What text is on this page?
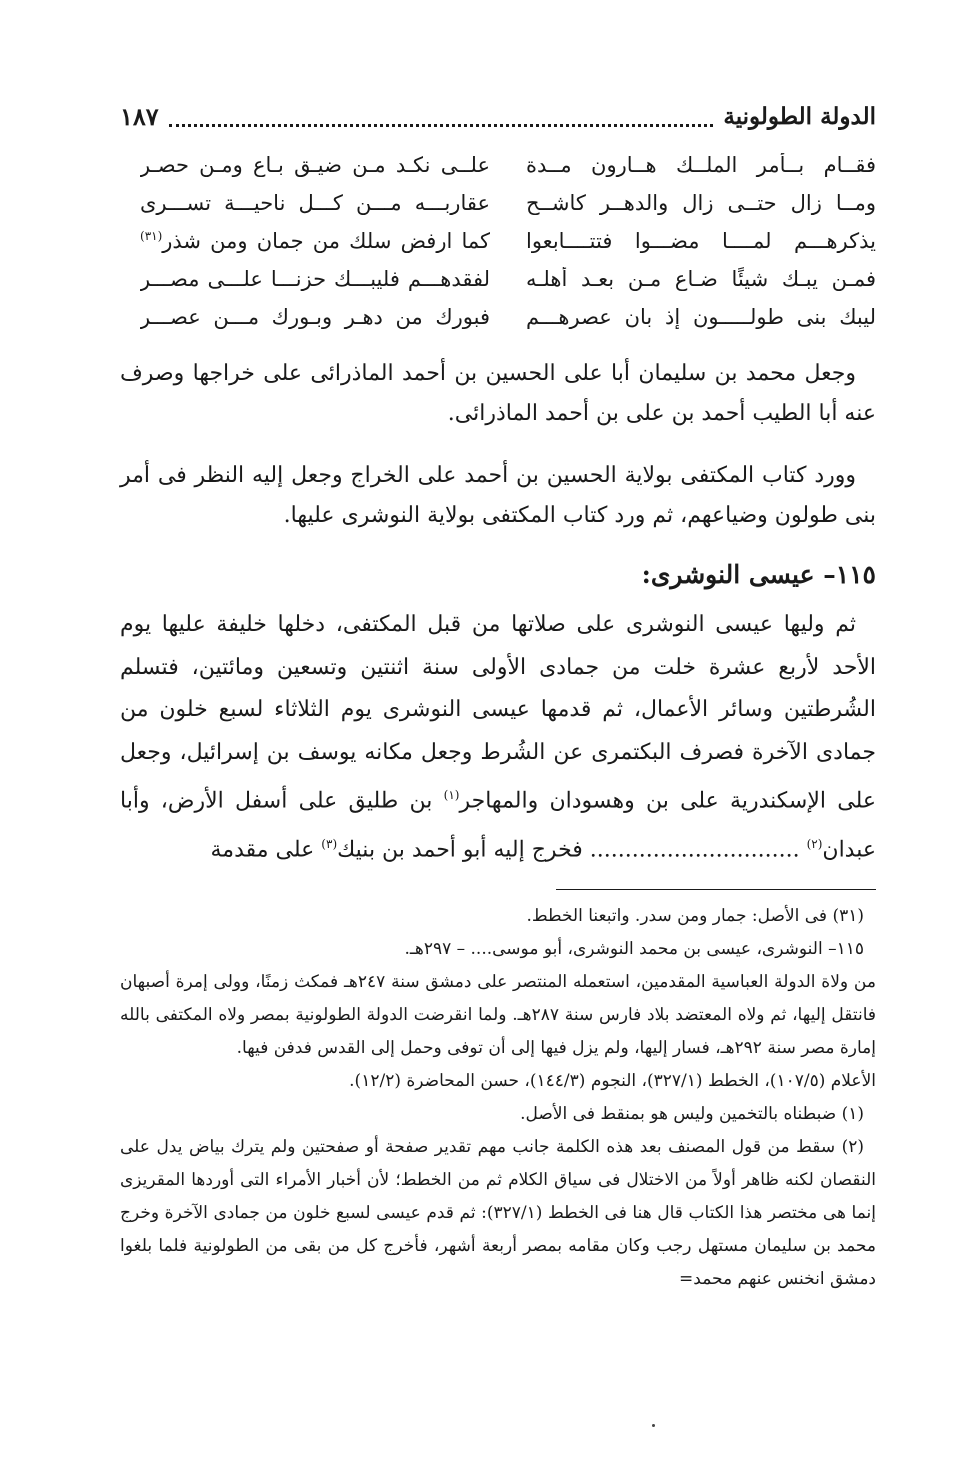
الدولة الطولونية
١٨٧
فقــام بــأمر الملــك هــارون مــدة
علــى نكـد مـن ضيـق بـاع ومـن حصـر
ومــا زال حتــى زال والدهــر كاشــح
عقاربـــه مـــن كـــل ناحيـــة تســـرى
يذكرهـــم لمــــا مضـــوا فتتــــابعوا
كما ارفض سلك من جمان ومن شذر$^{(٣١)}$
فمـن يبـك شيئًا ضـاع مـن بعـد أهلـه
لفقدهـــم فليبـــك حزنـــا علـــى مصـــر
ليبك بنى طولـــــون إذ بان عصرهـــم
فبورك من دهـر وبـورك مـــن عصـــر
وجعل محمد بن سليمان أبا على الحسين بن أحمد الماذرائى على خراجها وصرف عنه أبا الطيب أحمد بن على بن أحمد الماذرائى.
وورد كتاب المكتفى بولاية الحسين بن أحمد على الخراج وجعل إليه النظر فى أمر بنى طولون وضياعهم، ثم ورد كتاب المكتفى بولاية النوشرى عليها.
١١٥– عيسى النوشرى:
ثم وليها عيسى النوشرى على صلاتها من قبل المكتفى، دخلها خليفة عليها يوم الأحد لأربع عشرة خلت من جمادى الأولى سنة اثنتين وتسعين ومائتين، فتسلم الشُرطتين وسائر الأعمال، ثم قدمها عيسى النوشرى يوم الثلاثاء لسبع خلون من جمادى الآخرة فصرف البكتمرى عن الشُرط وجعل مكانه يوسف بن إسرائيل، وجعل على الإسكندرية على بن وهسودان والمهاجر$^{(١)}$ بن طليق على أسفل الأرض، وأبا عبدان$^{(٢)}$ .............................. فخرج إليه أبو أحمد بن بنيك$^{(٣)}$ على مقدمة

(٣١) فى الأصل: جمار ومن سدر. واتبعنا الخطط.

١١٥– النوشرى، عيسى بن محمد النوشرى، أبو موسى.... – ٢٩٧هـ.

من ولاة الدولة العباسية المقدمين، استعمله المنتصر على دمشق سنة ٢٤٧هـ فمكث زمنًا، وولى إمرة أصبهان فانتقل إليها، ثم ولاه المعتضد بلاد فارس سنة ٢٨٧هـ. ولما انقرضت الدولة الطولونية بمصر ولاه المكتفى بالله إمارة مصر سنة ٢٩٢هـ، فسار إليها، ولم يزل فيها إلى أن توفى وحمل إلى القدس فدفن فيها.

الأعلام (١٠٧/٥)، الخطط (٣٢٧/١)، النجوم (١٤٤/٣)، حسن المحاضرة (١٢/٢).

(١) ضبطناه بالتخمين وليس هو بمنقط فى الأصل.

(٢) سقط من قول المصنف بعد هذه الكلمة جانب مهم تقدير صفحة أو صفحتين ولم يترك بياض يدل على النقصان لكنه ظاهر أولاً من الاختلال فى سياق الكلام ثم من الخطط؛ لأن أخبار الأمراء التى أوردها المقريزى إنما هى مختصر هذا الكتاب قال هنا فى الخطط (٣٢٧/١): ثم قدم عيسى لسبع خلون من جمادى الآخرة وخرج محمد بن سليمان مستهل رجب وكان مقامه بمصر أربعة أشهر، فأخرج كل من بقى من الطولونية فلما بلغوا دمشق انخنس عنهم محمد=
